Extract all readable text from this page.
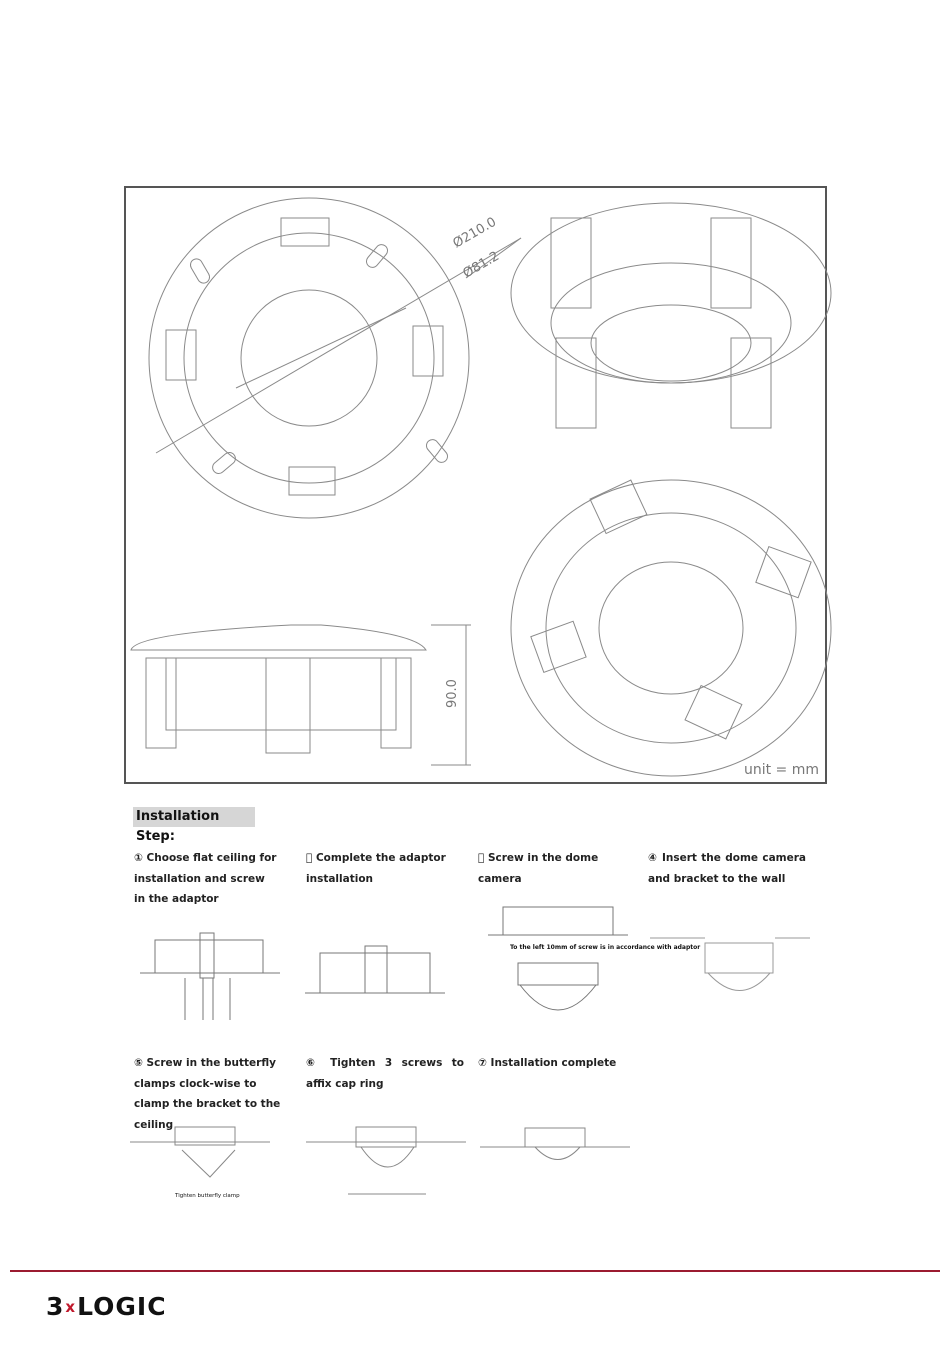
Ø210.0
Ø81.2
90.0
unit = mm
Installation Step:
① Choose flat ceiling for installation and screw in the adaptor
  Complete the adaptor installation
  Screw in the dome camera
④ Insert the dome camera and bracket to the wall
To the left 10mm of screw is in accordance with adaptor
⑤ Screw in the butterfly clamps clock-wise to clamp the bracket to the ceiling
⑥ Tighten 3 screws to affix cap ring
⑦ Installation complete
Tighten butterfly clamp
3xLOGIC
